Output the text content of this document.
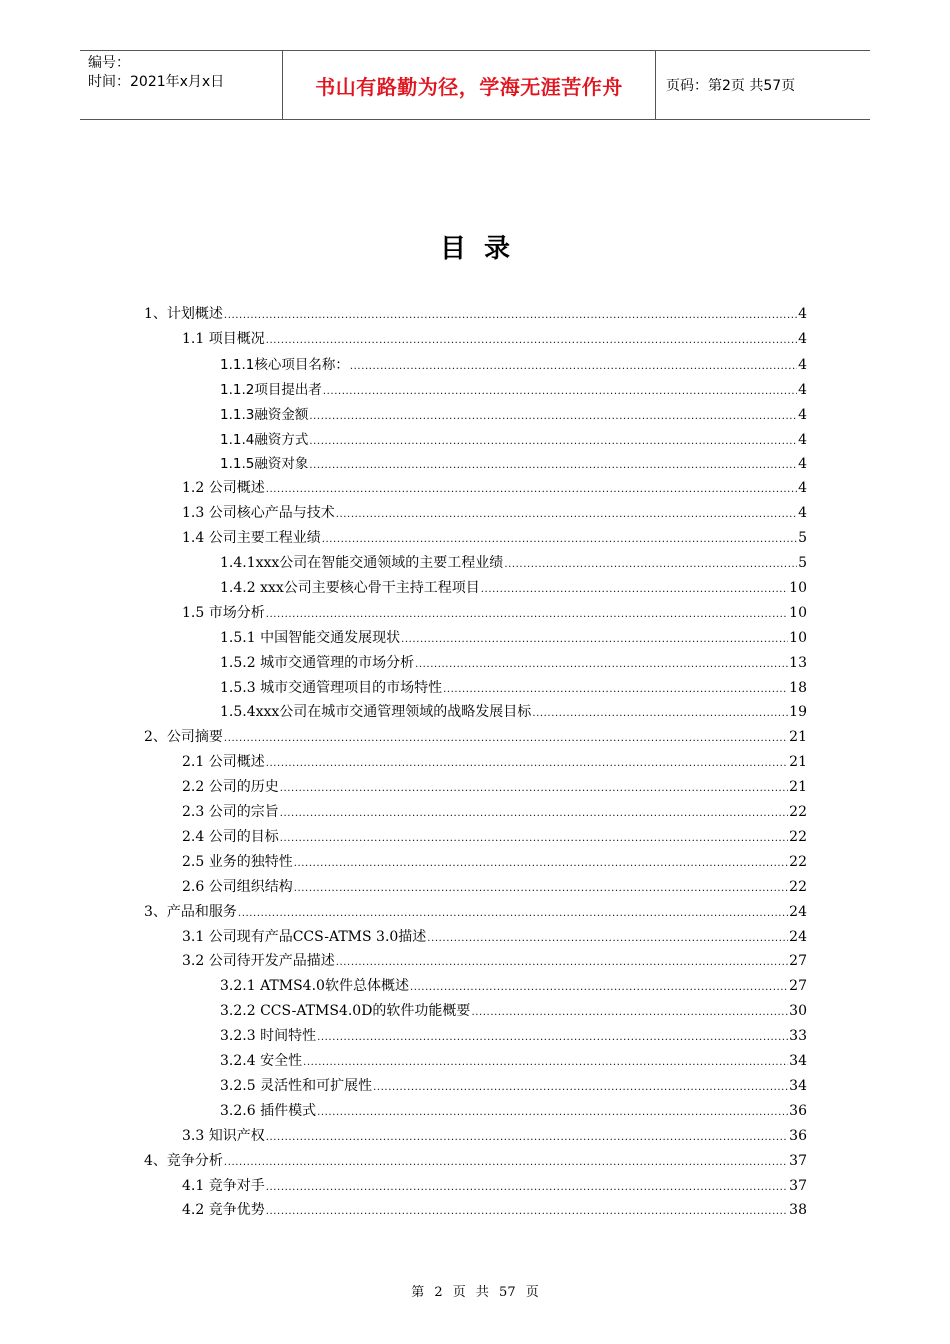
编号：
时间：2021年x月x日	书山有路勤为径，学海无涯苦作舟	页码：第2页 共57页
目录
1、计划概述 .....	4
1.1 项目概况 .....	4
1.1.1核心项目名称： .....	4
1.1.2项目提出者 .....	4
1.1.3融资金额 .....	4
1.1.4融资方式 .....	4
1.1.5融资对象 .....	4
1.2 公司概述 .....	4
1.3 公司核心产品与技术 .....	4
1.4 公司主要工程业绩 .....	5
1.4.1xxx公司在智能交通领域的主要工程业绩 .....	5
1.4.2 xxx公司主要核心骨干主持工程项目 .....	10
1.5 市场分析 .....	10
1.5.1 中国智能交通发展现状 .....	10
1.5.2 城市交通管理的市场分析 .....	13
1.5.3 城市交通管理项目的市场特性 .....	18
1.5.4xxx公司在城市交通管理领域的战略发展目标 .....	19
2、公司摘要 .....	21
2.1 公司概述 .....	21
2.2 公司的历史 .....	21
2.3 公司的宗旨 .....	22
2.4 公司的目标 .....	22
2.5 业务的独特性 .....	22
2.6 公司组织结构 .....	22
3、产品和服务 .....	24
3.1 公司现有产品CCS-ATMS 3.0描述 .....	24
3.2 公司待开发产品描述 .....	27
3.2.1 ATMS4.0软件总体概述 .....	27
3.2.2 CCS-ATMS4.0D的软件功能概要 .....	30
3.2.3 时间特性 .....	33
3.2.4 安全性 .....	34
3.2.5 灵活性和可扩展性 .....	34
3.2.6 插件模式 .....	36
3.3 知识产权 .....	36
4、竞争分析 .....	37
4.1 竞争对手 .....	37
4.2 竞争优势 .....	38
第 2 页 共 57 页
